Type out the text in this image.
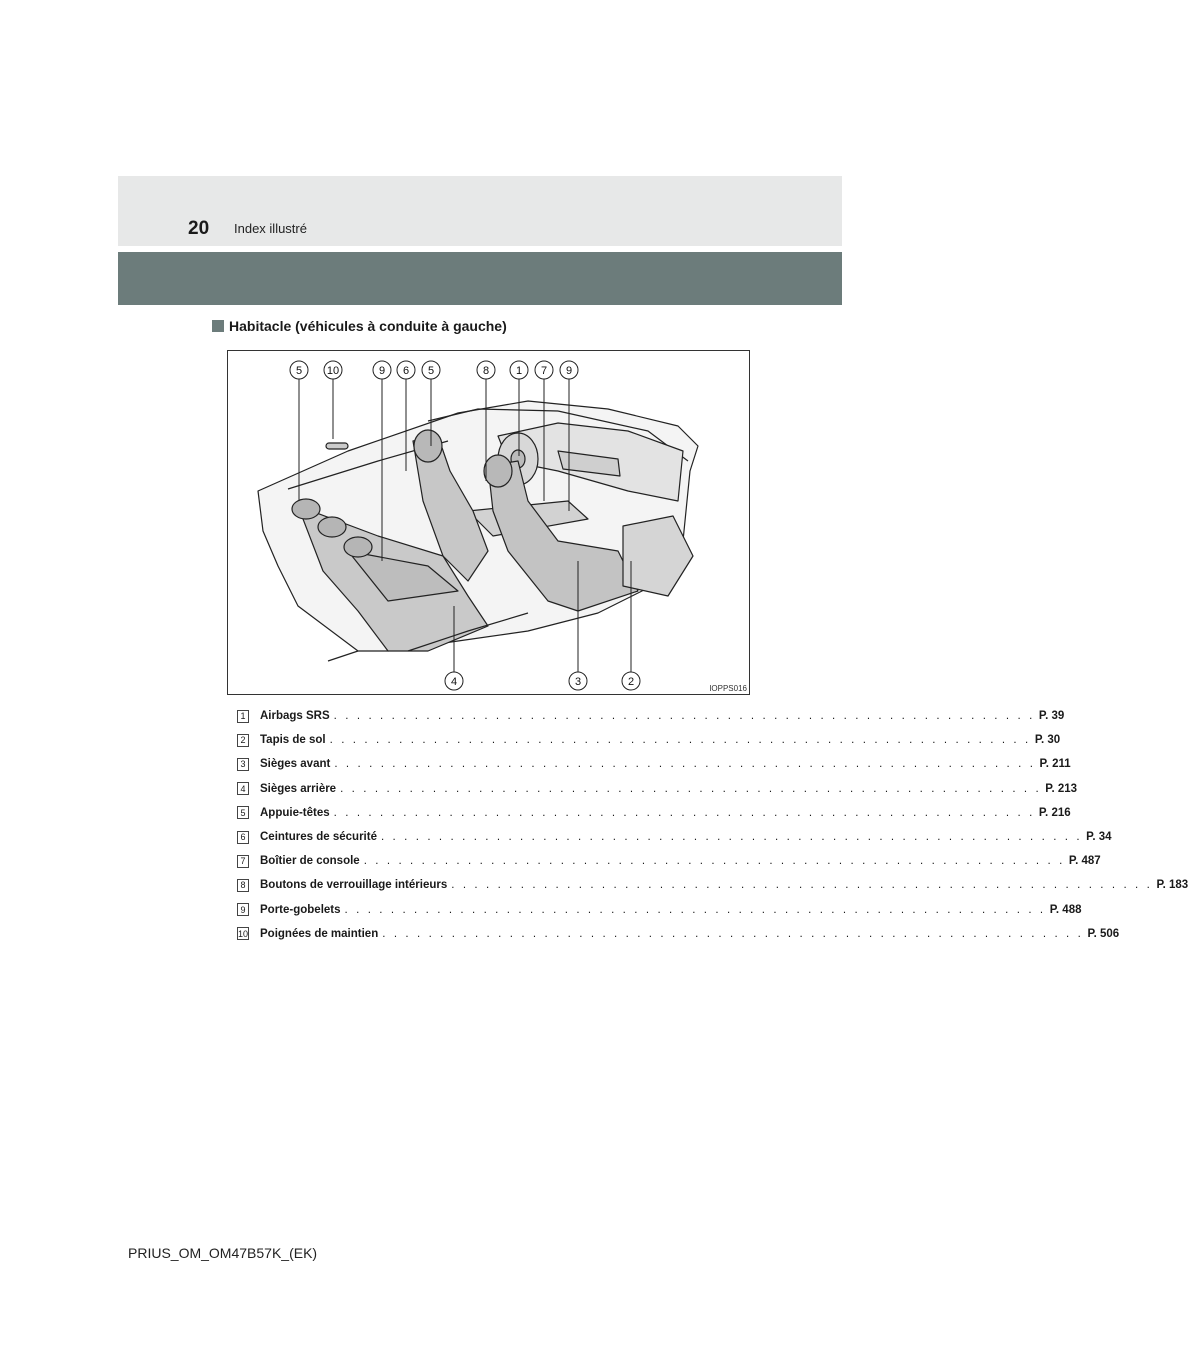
20 Index illustré
Habitacle (véhicules à conduite à gauche)
5 10	9 6 5	8 1 7 9
4	3	2
IOPPS016
1	Airbags SRS . . . . . . . . . . . . . . . . . . . . . . . . . . . . . . . . . . . . . . . . . . . . . . . . . . . . . . . . . . . . . P. 39
2	Tapis de sol . . . . . . . . . . . . . . . . . . . . . . . . . . . . . . . . . . . . . . . . . . . . . . . . . . . . . . . . . . . . . P. 30
3	Sièges avant . . . . . . . . . . . . . . . . . . . . . . . . . . . . . . . . . . . . . . . . . . . . . . . . . . . . . . . . . . . . . P. 211
4	Sièges arrière . . . . . . . . . . . . . . . . . . . . . . . . . . . . . . . . . . . . . . . . . . . . . . . . . . . . . . . . . . . . . P. 213
5	Appuie-têtes . . . . . . . . . . . . . . . . . . . . . . . . . . . . . . . . . . . . . . . . . . . . . . . . . . . . . . . . . . . . . P. 216
6	Ceintures de sécurité . . . . . . . . . . . . . . . . . . . . . . . . . . . . . . . . . . . . . . . . . . . . . . . . . . . . . . . . . . . . . P. 34
7	Boîtier de console . . . . . . . . . . . . . . . . . . . . . . . . . . . . . . . . . . . . . . . . . . . . . . . . . . . . . . . . . . . . . P. 487
8	Boutons de verrouillage intérieurs . . . . . . . . . . . . . . . . . . . . . . . . . . . . . . . . . . . . . . . . . . . . . . . . . . . . . . . . . . . . . P. 183
9	Porte-gobelets . . . . . . . . . . . . . . . . . . . . . . . . . . . . . . . . . . . . . . . . . . . . . . . . . . . . . . . . . . . . . P. 488
10 Poignées de maintien . . . . . . . . . . . . . . . . . . . . . . . . . . . . . . . . . . . . . . . . . . . . . . . . . . . . . . . . . . . . . P. 506
PRIUS_OM_OM47B57K_(EK)
